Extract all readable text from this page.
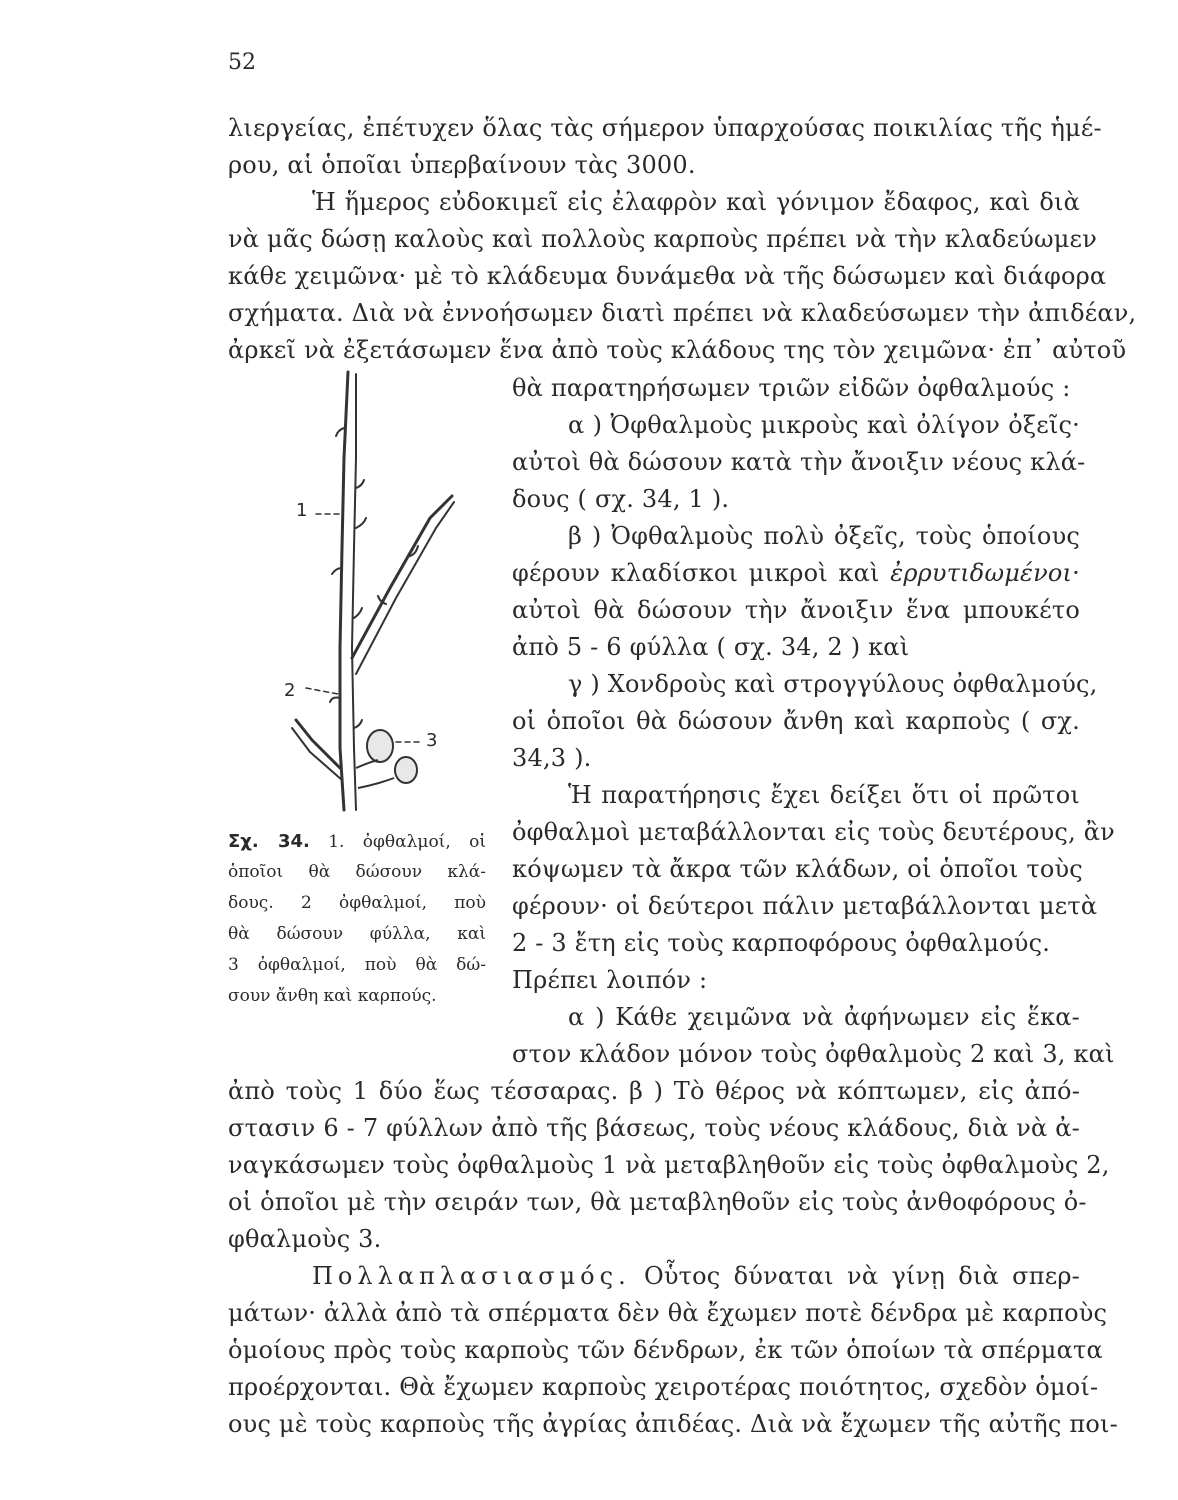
52
λιεργείας, ἐπέτυχεν ὅλας τὰς σήμερον ὑπαρχούσας ποικιλίας τῆς ἡμέ-
ρου, αἱ ὁποῖαι ὑπερβαίνουν τὰς 3000.
Ἡ ἥμερος εὐδοκιμεῖ εἰς ἐλαφρὸν καὶ γόνιμον ἔδαφος, καὶ διὰ
νὰ μᾶς δώσῃ καλοὺς καὶ πολλοὺς καρποὺς πρέπει νὰ τὴν κλαδεύωμεν
κάθε χειμῶνα· μὲ τὸ κλάδευμα δυνάμεθα νὰ τῆς δώσωμεν καὶ διάφορα
σχήματα. Διὰ νὰ ἐννοήσωμεν διατὶ πρέπει νὰ κλαδεύσωμεν τὴν ἀπιδέαν,
ἀρκεῖ νὰ ἐξετάσωμεν ἕνα ἀπὸ τοὺς κλάδους της τὸν χειμῶνα· ἐπ᾽ αὐτοῦ
θὰ παρατηρήσωμεν τριῶν εἰδῶν ὀφθαλμούς :
α ) Ὀφθαλμοὺς μικροὺς καὶ ὀλίγον ὀξεῖς·
αὐτοὶ θὰ δώσουν κατὰ τὴν ἄνοιξιν νέους κλά-
δους ( σχ. 34, 1 ).
β ) Ὀφθαλμοὺς πολὺ ὀξεῖς, τοὺς ὁποίους
φέρουν κλαδίσκοι μικροὶ καὶ ἐρρυτιδωμένοι·
αὐτοὶ θὰ δώσουν τὴν ἄνοιξιν ἕνα μπουκέτο
ἀπὸ 5 - 6 φύλλα ( σχ. 34, 2 ) καὶ
γ ) Χονδροὺς καὶ στρογγύλους ὀφθαλμούς,
οἱ ὁποῖοι θὰ δώσουν ἄνθη καὶ καρποὺς ( σχ.
34,3 ).
Ἡ παρατήρησις ἔχει δείξει ὅτι οἱ πρῶτοι
ὀφθαλμοὶ μεταβάλλονται εἰς τοὺς δευτέρους, ἂν
κόψωμεν τὰ ἄκρα τῶν κλάδων, οἱ ὁποῖοι τοὺς
φέρουν· οἱ δεύτεροι πάλιν μεταβάλλονται μετὰ
2 - 3 ἔτη εἰς τοὺς καρποφόρους ὀφθαλμούς.
Πρέπει λοιπόν :
α ) Κάθε χειμῶνα νὰ ἀφήνωμεν εἰς ἕκα-
στον κλάδον μόνον τοὺς ὀφθαλμοὺς 2 καὶ 3, καὶ
1
2
3
Σχ. 34. 1. ὀφθαλμοί, οἱ
ὁποῖοι θὰ δώσουν κλά-
δους. 2 ὀφθαλμοί, ποὺ
θὰ δώσουν φύλλα, καὶ
3 ὀφθαλμοί, ποὺ θὰ δώ-
σουν ἄνθη καὶ καρπούς.
ἀπὸ τοὺς 1 δύο ἕως τέσσαρας. β ) Τὸ θέρος νὰ κόπτωμεν, εἰς ἀπό-
στασιν 6 - 7 φύλλων ἀπὸ τῆς βάσεως, τοὺς νέους κλάδους, διὰ νὰ ἀ-
ναγκάσωμεν τοὺς ὀφθαλμοὺς 1 νὰ μεταβληθοῦν εἰς τοὺς ὀφθαλμοὺς 2,
οἱ ὁποῖοι μὲ τὴν σειράν των, θὰ μεταβληθοῦν εἰς τοὺς ἀνθοφόρους ὀ-
φθαλμοὺς 3.
Πολλαπλασιασμός. Οὗτος δύναται νὰ γίνῃ διὰ σπερ-
μάτων· ἀλλὰ ἀπὸ τὰ σπέρματα δὲν θὰ ἔχωμεν ποτὲ δένδρα μὲ καρποὺς
ὁμοίους πρὸς τοὺς καρποὺς τῶν δένδρων, ἐκ τῶν ὁποίων τὰ σπέρματα
προέρχονται. Θὰ ἔχωμεν καρποὺς χειροτέρας ποιότητος, σχεδὸν ὁμοί-
ους μὲ τοὺς καρποὺς τῆς ἀγρίας ἀπιδέας. Διὰ νὰ ἔχωμεν τῆς αὐτῆς ποι-
